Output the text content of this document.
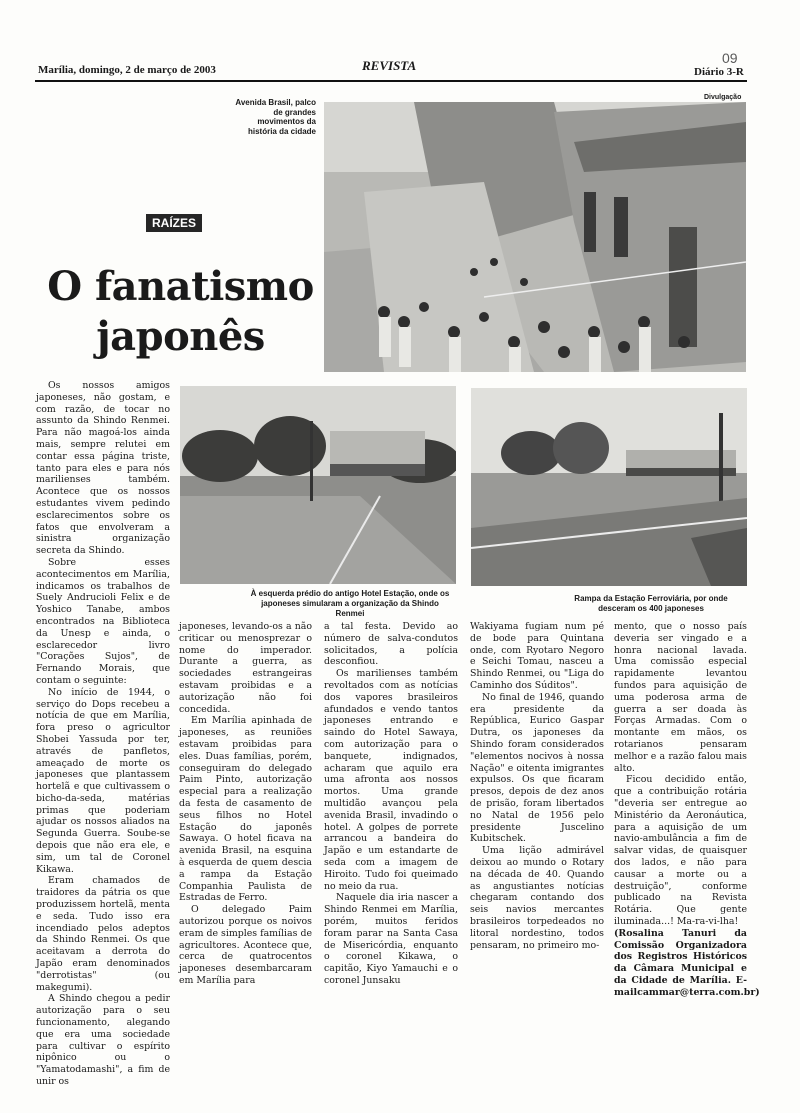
09
Marília, domingo, 2 de março de 2003	REVISTA	Diário 3-R
Avenida Brasil, palco de grandes movimentos da história da cidade
Divulgação
RAÍZES
O fanatismo
japonês
À esquerda prédio do antigo Hotel Estação, onde os japoneses simularam a organização da Shindo Renmei
Rampa da Estação Ferroviária, por onde desceram os 400 japoneses

Os nossos amigos japoneses, não gostam, e com razão, de tocar no assunto da Shindo Renmei. Para não magoá-los ainda mais, sempre relutei em contar essa página triste, tanto para eles e para nós marilienses também. Acontece que os nossos estudantes vivem pedindo esclarecimentos sobre os fatos que envolveram a sinistra organização secreta da Shindo.

Sobre esses acontecimentos em Marília, indicamos os trabalhos de Suely Andrucioli Felix e de Yoshico Tanabe, ambos encontrados na Biblioteca da Unesp e ainda, o esclarecedor livro "Corações Sujos", de Fernando Morais, que contam o seguinte:

No início de 1944, o serviço do Dops recebeu a notícia de que em Marília, fora preso o agricultor Shobei Yassuda por ter, através de panfletos, ameaçado de morte os japoneses que plantassem hortelã e que cultivassem o bicho-da-seda, matérias primas que poderiam ajudar os nossos aliados na Segunda Guerra. Soube-se depois que não era ele, e sim, um tal de Coronel Kikawa.

Eram chamados de traidores da pátria os que produzissem hortelã, menta e seda. Tudo isso era incendiado pelos adeptos da Shindo Renmei. Os que aceitavam a derrota do Japão eram denominados "derrotistas" (ou makegumi).

A Shindo chegou a pedir autorização para o seu funcionamento, alegando que era uma sociedade para cultivar o espírito nipônico ou o "Yamatodamashi", a fim de unir os

japoneses, levando-os a não criticar ou menosprezar o nome do imperador. Durante a guerra, as sociedades estrangeiras estavam proibidas e a autorização não foi concedida.

Em Marília apinhada de japoneses, as reuniões estavam proibidas para eles. Duas famílias, porém, conseguiram do delegado Paim Pinto, autorização especial para a realização da festa de casamento de seus filhos no Hotel Estação do japonês Sawaya. O hotel ficava na avenida Brasil, na esquina à esquerda de quem descia a rampa da Estação Companhia Paulista de Estradas de Ferro.

O delegado Paim autorizou porque os noivos eram de simples famílias de agricultores. Acontece que, cerca de quatrocentos japoneses desembarcaram em Marília para

a tal festa. Devido ao número de salva-condutos solicitados, a polícia desconfiou.

Os marilienses também revoltados com as notícias dos vapores brasileiros afundados e vendo tantos japoneses entrando e saindo do Hotel Sawaya, com autorização para o banquete, indignados, acharam que aquilo era uma afronta aos nossos mortos. Uma grande multidão avançou pela avenida Brasil, invadindo o hotel. A golpes de porrete arrancou a bandeira do Japão e um estandarte de seda com a imagem de Hiroito. Tudo foi queimado no meio da rua.

Naquele dia iria nascer a Shindo Renmei em Marília, porém, muitos feridos foram parar na Santa Casa de Misericórdia, enquanto o coronel Kikawa, o capitão, Kiyo Yamauchi e o coronel Junsaku

Wakiyama fugiam num pé de bode para Quintana onde, com Ryotaro Negoro e Seichi Tomau, nasceu a Shindo Renmei, ou "Liga do Caminho dos Súditos".

No final de 1946, quando era presidente da República, Eurico Gaspar Dutra, os japoneses da Shindo foram considerados "elementos nocivos à nossa Nação" e oitenta imigrantes expulsos. Os que ficaram presos, depois de dez anos de prisão, foram libertados no Natal de 1956 pelo presidente Juscelino Kubitschek.

Uma lição admirável deixou ao mundo o Rotary na década de 40. Quando as angustiantes notícias chegaram contando dos seis navios mercantes brasileiros torpedeados no litoral nordestino, todos pensaram, no primeiro mo-

mento, que o nosso país deveria ser vingado e a honra nacional lavada. Uma comissão especial rapidamente levantou fundos para aquisição de uma poderosa arma de guerra a ser doada às Forças Armadas. Com o montante em mãos, os rotarianos pensaram melhor e a razão falou mais alto.

Ficou decidido então, que a contribuição rotária "deveria ser entregue ao Ministério da Aeronáutica, para a aquisição de um navio-ambulância a fim de salvar vidas, de quaisquer dos lados, e não para causar a morte ou a destruição", conforme publicado na Revista Rotária. Que gente iluminada...! Ma-ra-vi-lha!

(Rosalina Tanuri da Comissão Organizadora dos Registros Históricos da Câmara Municipal e da Cidade de Marília. E-mailcammar@terra.com.br)
